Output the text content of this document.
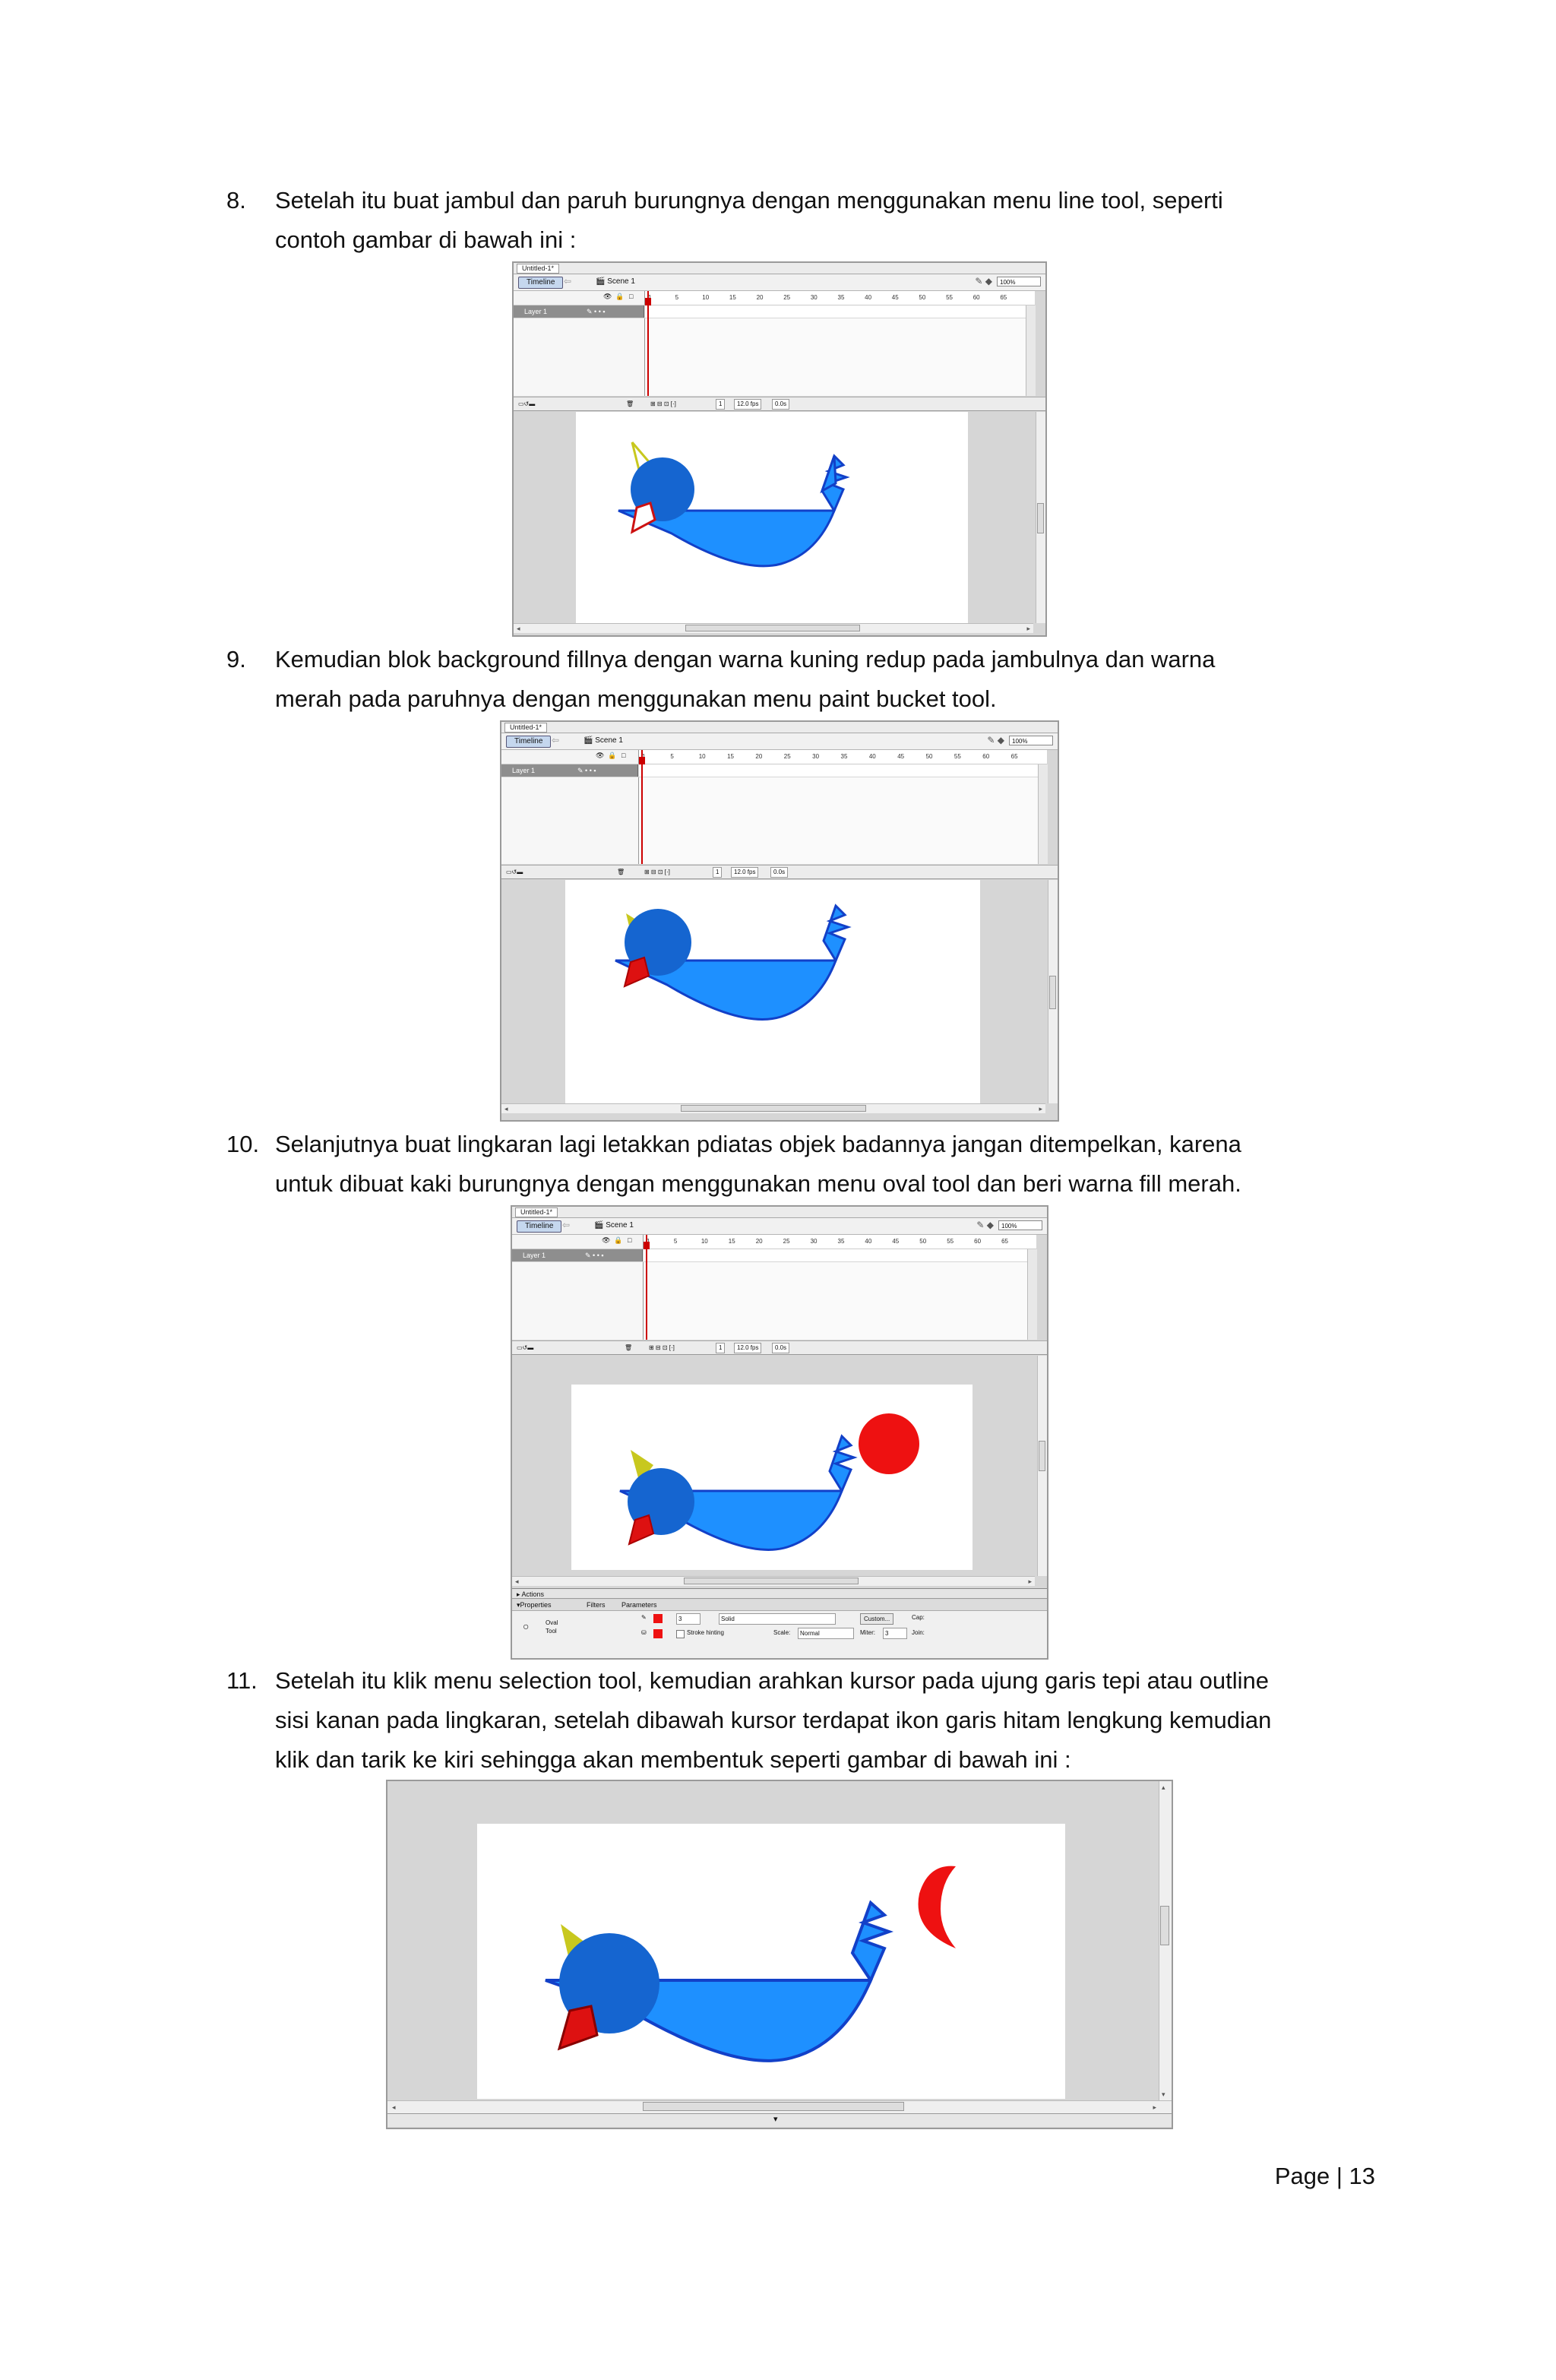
8. Setelah itu buat jambul dan paruh burungnya dengan menggunakan menu line tool, seperti
contoh gambar di bawah ini :
Untitled-1*
Timeline ⇦	🎬 Scene 1	✎ ◆	100%
👁 🔒 □	5	10	15	20	25	30	35	40	45	50	55	60	65
Layer 1	✎ • • ▪
▭↺▬	🗑	⊞ ⊟ ⊡ [·]	1	12.0 fps	0.0s
◂	▸
9. Kemudian blok background fillnya dengan warna kuning redup pada jambulnya dan warna
merah pada paruhnya dengan menggunakan menu paint bucket tool.
Untitled-1*
Timeline ⇦	🎬 Scene 1	✎ ◆	100%
👁 🔒 □	5	10	15	20	25	30	35	40	45	50	55	60	65
Layer 1	✎ • • ▪
▭↺▬	🗑	⊞ ⊟ ⊡ [·]	1	12.0 fps	0.0s
◂	▸
10. Selanjutnya buat lingkaran lagi letakkan pdiatas objek badannya jangan ditempelkan, karena
untuk dibuat kaki burungnya dengan menggunakan menu oval tool dan beri warna fill merah.
Untitled-1*
Timeline ⇦	🎬 Scene 1	✎ ◆	100%
👁 🔒 □	5	10	15	20	25	30	35	40	45	50	55	60	65
Layer 1	✎ • • ▪
▭↺▬	🗑	⊞ ⊟ ⊡ [·]	1	12.0 fps	0.0s
◂	▸
▸ Actions
▾ Properties	Filters Parameters
○	Oval
Tool
✎	3	Solid	Custom...	Cap:
⛁	Stroke hinting	Scale:	Normal	Miter:	3	Join:
11. Setelah itu klik menu selection tool, kemudian arahkan kursor pada ujung garis tepi atau outline
sisi kanan pada lingkaran, setelah dibawah kursor terdapat ikon garis hitam lengkung kemudian
klik dan tarik ke kiri sehingga akan membentuk seperti gambar di bawah ini :
▴
▾
◂	▸
▾
Page | 13
